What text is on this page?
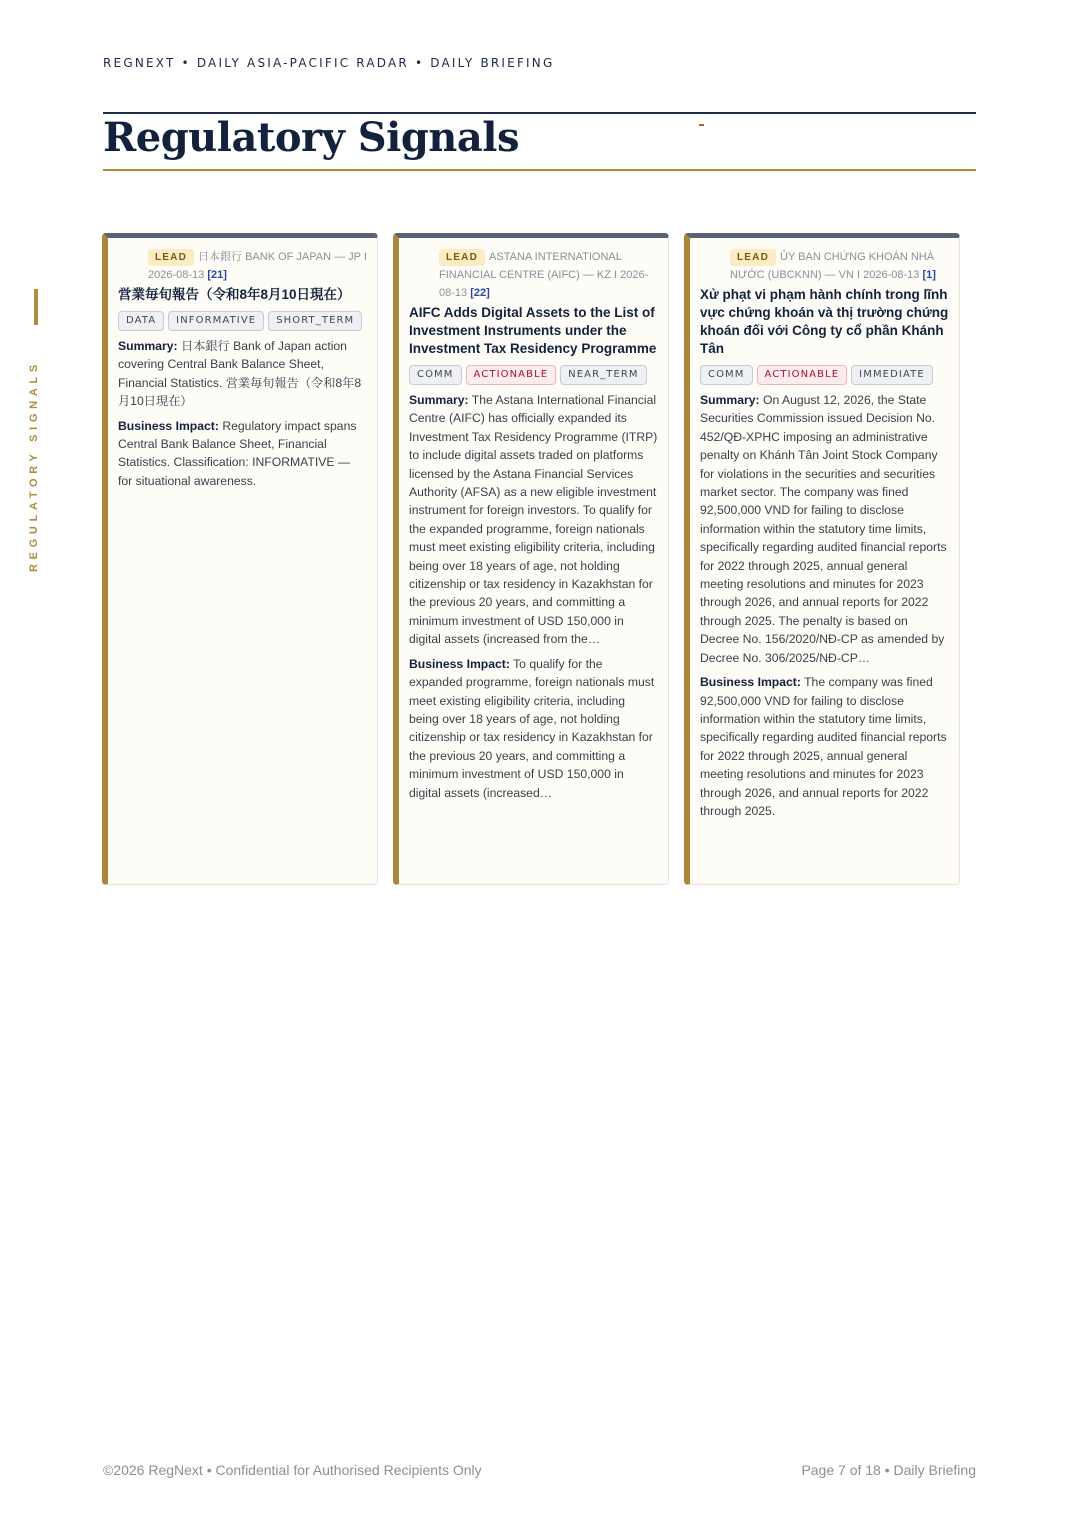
REGNEXT • DAILY ASIA-PACIFIC RADAR • DAILY BRIEFING
Regulatory Signals
REGULATORY SIGNALS
LEAD 日本銀行 BANK OF JAPAN — JP I 2026-08-13 [21]
営業毎旬報告（令和8年8月10日現在）
DATA INFORMATIVE SHORT_TERM

Summary: 日本銀行 Bank of Japan action covering Central Bank Balance Sheet, Financial Statistics. 営業毎旬報告（令和8年8月10日現在）

Business Impact: Regulatory impact spans Central Bank Balance Sheet, Financial Statistics. Classification: INFORMATIVE — for situational awareness.

LEAD ASTANA INTERNATIONAL FINANCIAL CENTRE (AIFC) — KZ I 2026-08-13 [22]
AIFC Adds Digital Assets to the List of Investment Instruments under the Investment Tax Residency Programme
COMM ACTIONABLE NEAR_TERM

Summary: The Astana International Financial Centre (AIFC) has officially expanded its Investment Tax Residency Programme (ITRP) to include digital assets traded on platforms licensed by the Astana Financial Services Authority (AFSA) as a new eligible investment instrument for foreign investors. To qualify for the expanded programme, foreign nationals must meet existing eligibility criteria, including being over 18 years of age, not holding citizenship or tax residency in Kazakhstan for the previous 20 years, and committing a minimum investment of USD 150,000 in digital assets (increased from the…

Business Impact: To qualify for the expanded programme, foreign nationals must meet existing eligibility criteria, including being over 18 years of age, not holding citizenship or tax residency in Kazakhstan for the previous 20 years, and committing a minimum investment of USD 150,000 in digital assets (increased…

LEAD ỦY BAN CHỨNG KHOÁN NHÀ NƯỚC (UBCKNN) — VN I 2026-08-13 [1]
Xử phạt vi phạm hành chính trong lĩnh vực chứng khoán và thị trường chứng khoán đối với Công ty cổ phần Khánh Tân
COMM ACTIONABLE IMMEDIATE

Summary: On August 12, 2026, the State Securities Commission issued Decision No. 452/QĐ-XPHC imposing an administrative penalty on Khánh Tân Joint Stock Company for violations in the securities and securities market sector. The company was fined 92,500,000 VND for failing to disclose information within the statutory time limits, specifically regarding audited financial reports for 2022 through 2025, annual general meeting resolutions and minutes for 2023 through 2026, and annual reports for 2022 through 2025. The penalty is based on Decree No. 156/2020/NĐ-CP as amended by Decree No. 306/2025/NĐ-CP…

Business Impact: The company was fined 92,500,000 VND for failing to disclose information within the statutory time limits, specifically regarding audited financial reports for 2022 through 2025, annual general meeting resolutions and minutes for 2023 through 2026, and annual reports for 2022 through 2025.

©2026 RegNext • Confidential for Authorised Recipients Only	Page 7 of 18 • Daily Briefing
